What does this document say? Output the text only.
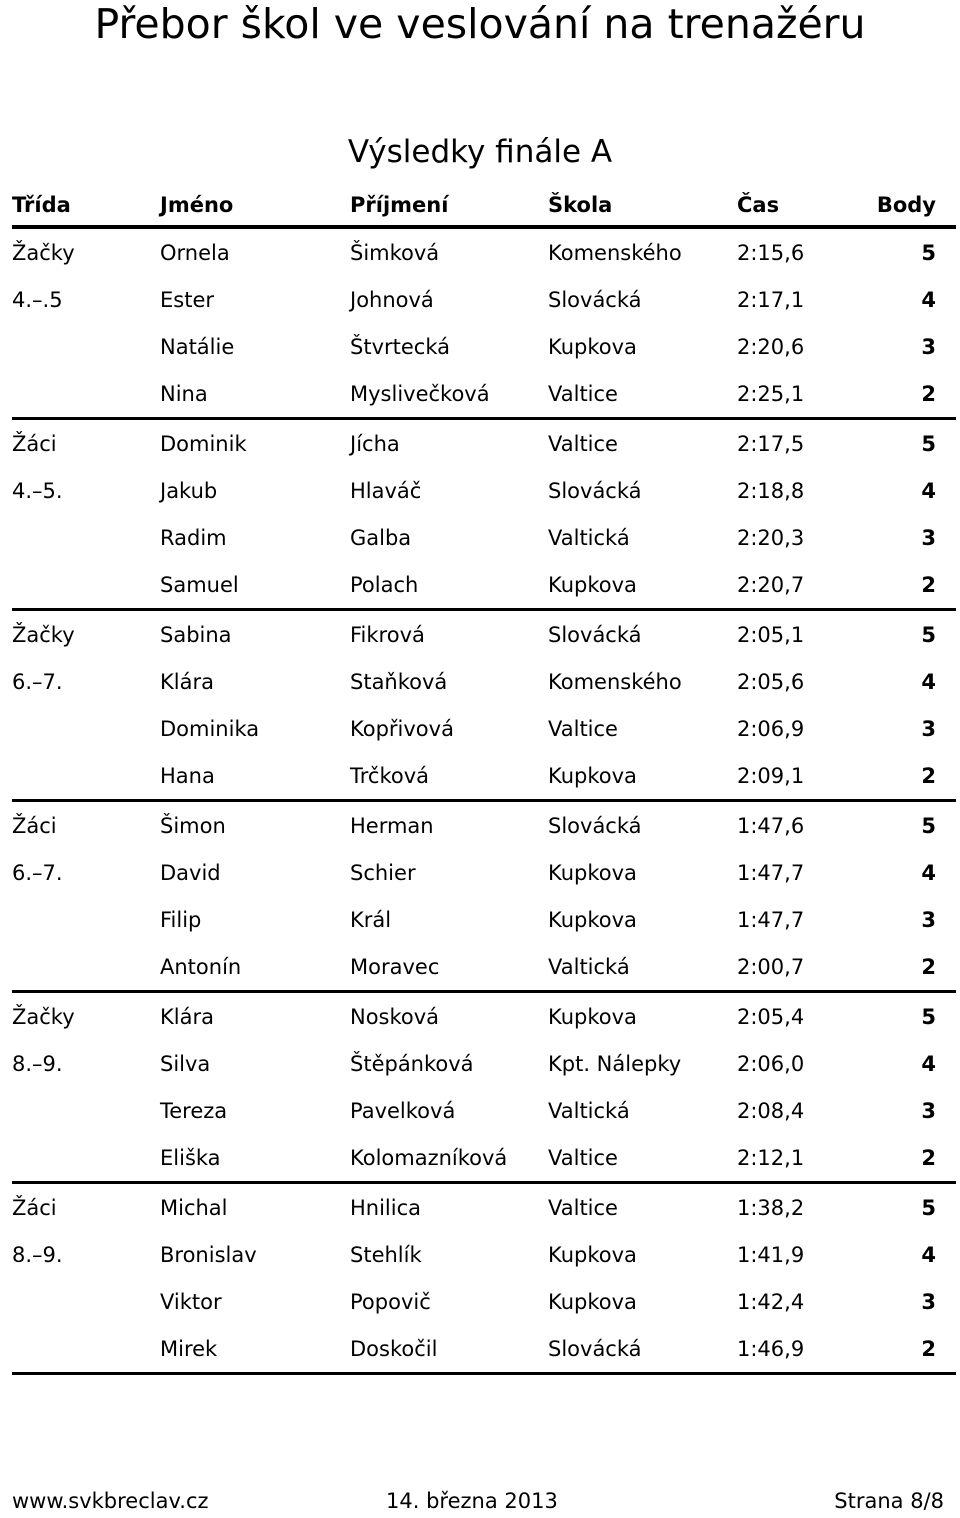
Přebor škol ve veslování na trenažéru
Výsledky finále A
Třída	Jméno	Příjmení	Škola	Čas	Body
Žačky	Ornela	Šimková	Komenského	2:15,6	5
4.–.5	Ester	Johnová	Slovácká	2:17,1	4
	Natálie	Štvrtecká	Kupkova	2:20,6	3
	Nina	Myslivečková	Valtice	2:25,1	2
Žáci	Dominik	Jícha	Valtice	2:17,5	5
4.–5.	Jakub	Hlaváč	Slovácká	2:18,8	4
	Radim	Galba	Valtická	2:20,3	3
	Samuel	Polach	Kupkova	2:20,7	2
Žačky	Sabina	Fikrová	Slovácká	2:05,1	5
6.–7.	Klára	Staňková	Komenského	2:05,6	4
	Dominika	Kopřivová	Valtice	2:06,9	3
	Hana	Trčková	Kupkova	2:09,1	2
Žáci	Šimon	Herman	Slovácká	1:47,6	5
6.–7.	David	Schier	Kupkova	1:47,7	4
	Filip	Král	Kupkova	1:47,7	3
	Antonín	Moravec	Valtická	2:00,7	2
Žačky	Klára	Nosková	Kupkova	2:05,4	5
8.–9.	Silva	Štěpánková	Kpt. Nálepky	2:06,0	4
	Tereza	Pavelková	Valtická	2:08,4	3
	Eliška	Kolomazníková	Valtice	2:12,1	2
Žáci	Michal	Hnilica	Valtice	1:38,2	5
8.–9.	Bronislav	Stehlík	Kupkova	1:41,9	4
	Viktor	Popovič	Kupkova	1:42,4	3
	Mirek	Doskočil	Slovácká	1:46,9	2
www.svkbreclav.cz	14. března 2013	Strana 8/8
